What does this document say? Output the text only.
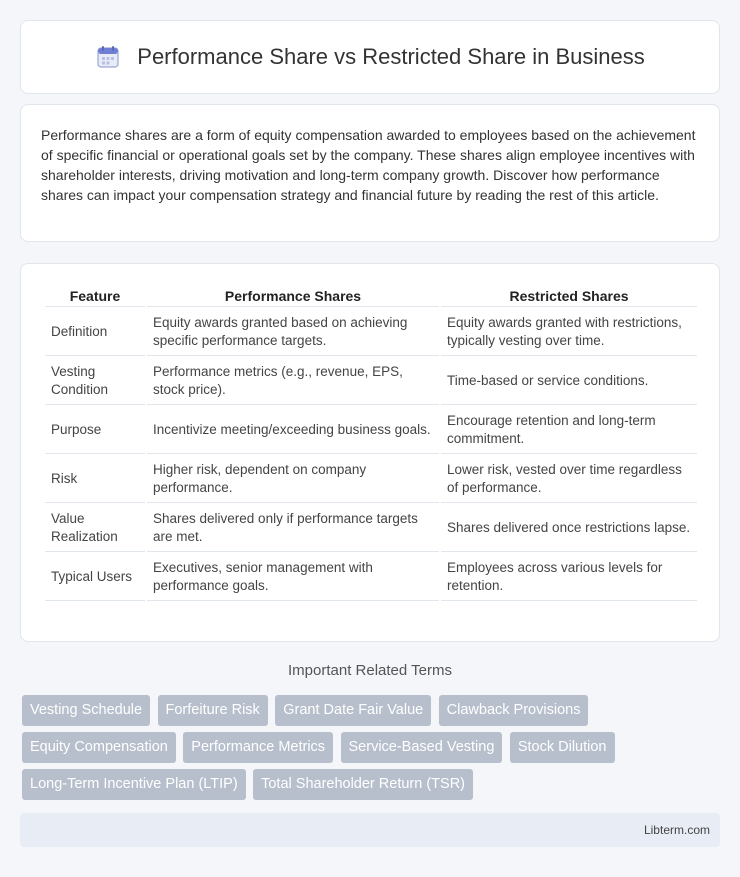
Performance Share vs Restricted Share in Business

Performance shares are a form of equity compensation awarded to employees based on the achievement of specific financial or operational goals set by the company. These shares align employee incentives with shareholder interests, driving motivation and long-term company growth. Discover how performance shares can impact your compensation strategy and financial future by reading the rest of this article.

Feature	Performance Shares	Restricted Shares
Definition	Equity awards granted based on achieving specific performance targets.	Equity awards granted with restrictions, typically vesting over time.
Vesting Condition	Performance metrics (e.g., revenue, EPS, stock price).	Time-based or service conditions.
Purpose	Incentivize meeting/exceeding business goals.	Encourage retention and long-term commitment.
Risk	Higher risk, dependent on company performance.	Lower risk, vested over time regardless of performance.
Value Realization	Shares delivered only if performance targets are met.	Shares delivered once restrictions lapse.
Typical Users	Executives, senior management with performance goals.	Employees across various levels for retention.
Important Related Terms
Vesting Schedule Forfeiture Risk Grant Date Fair Value Clawback Provisions Equity Compensation Performance Metrics Service-Based Vesting Stock Dilution Long-Term Incentive Plan (LTIP) Total Shareholder Return (TSR)
Libterm.com
